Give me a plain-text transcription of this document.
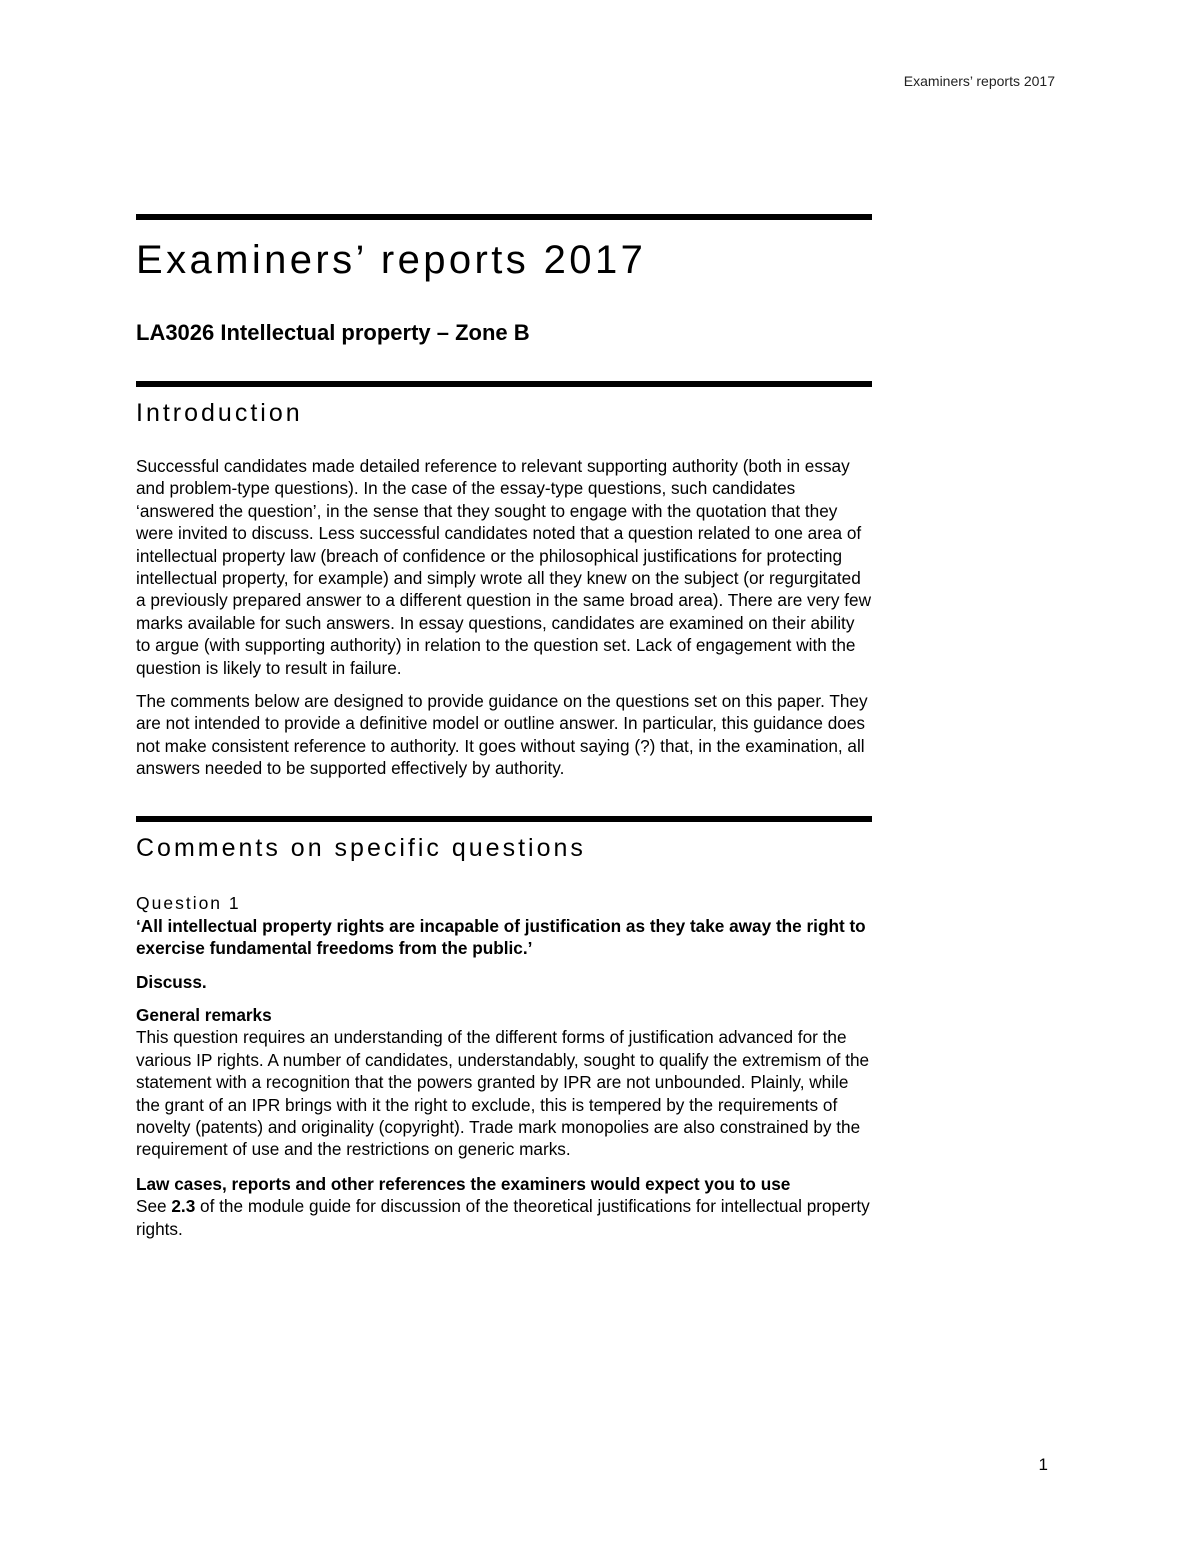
Examiners’ reports 2017
Examiners’ reports 2017
LA3026 Intellectual property – Zone B
Introduction

Successful candidates made detailed reference to relevant supporting authority (both in essay and problem-type questions). In the case of the essay-type questions, such candidates ‘answered the question’, in the sense that they sought to engage with the quotation that they were invited to discuss. Less successful candidates noted that a question related to one area of intellectual property law (breach of confidence or the philosophical justifications for protecting intellectual property, for example) and simply wrote all they knew on the subject (or regurgitated a previously prepared answer to a different question in the same broad area). There are very few marks available for such answers. In essay questions, candidates are examined on their ability to argue (with supporting authority) in relation to the question set. Lack of engagement with the question is likely to result in failure.

The comments below are designed to provide guidance on the questions set on this paper. They are not intended to provide a definitive model or outline answer. In particular, this guidance does not make consistent reference to authority. It goes without saying (?) that, in the examination, all answers needed to be supported effectively by authority.

Comments on specific questions
Question 1

‘All intellectual property rights are incapable of justification as they take away the right to exercise fundamental freedoms from the public.’

Discuss.

General remarks

This question requires an understanding of the different forms of justification advanced for the various IP rights. A number of candidates, understandably, sought to qualify the extremism of the statement with a recognition that the powers granted by IPR are not unbounded. Plainly, while the grant of an IPR brings with it the right to exclude, this is tempered by the requirements of novelty (patents) and originality (copyright). Trade mark monopolies are also constrained by the requirement of use and the restrictions on generic marks.

Law cases, reports and other references the examiners would expect you to use

See 2.3 of the module guide for discussion of the theoretical justifications for intellectual property rights.

1
